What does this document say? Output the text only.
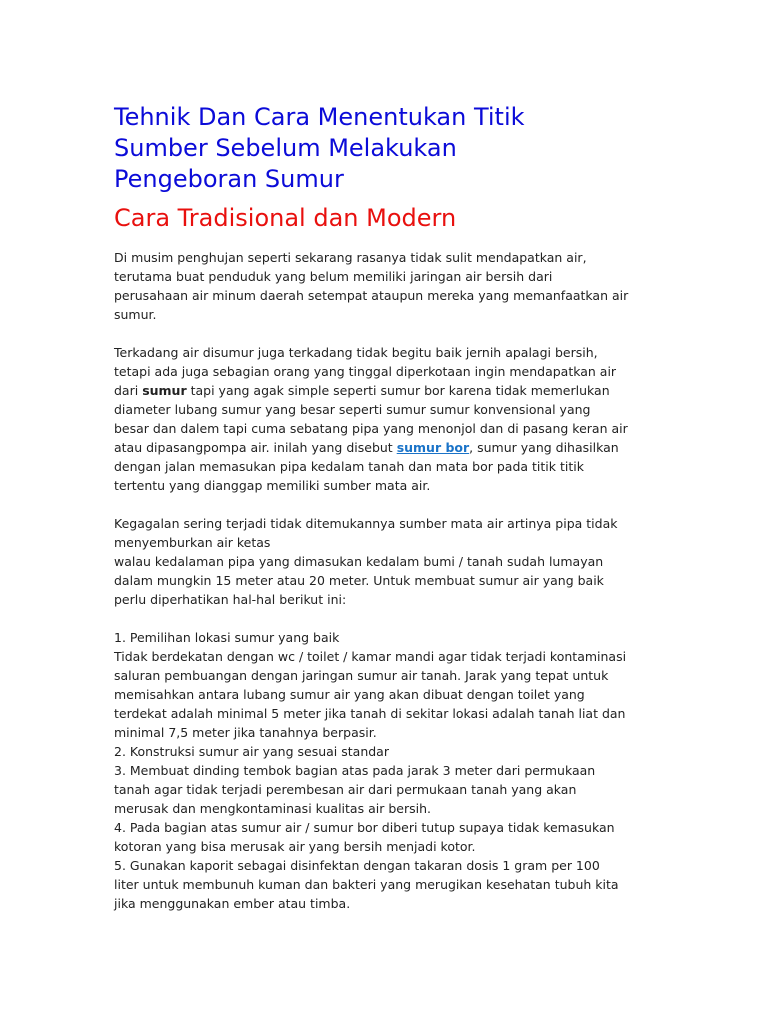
Tehnik Dan Cara Menentukan Titik
Sumber Sebelum Melakukan
Pengeboran Sumur
Cara Tradisional dan Modern

Di musim penghujan seperti sekarang rasanya tidak sulit mendapatkan air,
terutama buat penduduk yang belum memiliki jaringan air bersih dari
perusahaan air minum daerah setempat ataupun mereka yang memanfaatkan air
sumur.

Terkadang air disumur juga terkadang tidak begitu baik jernih apalagi bersih,
tetapi ada juga sebagian orang yang tinggal diperkotaan ingin mendapatkan air
dari sumur tapi yang agak simple seperti sumur bor karena tidak memerlukan
diameter lubang sumur yang besar seperti sumur sumur konvensional yang
besar dan dalem tapi cuma sebatang pipa yang menonjol dan di pasang keran air
atau dipasangpompa air. inilah yang disebut sumur bor, sumur yang dihasilkan
dengan jalan memasukan pipa kedalam tanah dan mata bor pada titik titik
tertentu yang dianggap memiliki sumber mata air.

Kegagalan sering terjadi tidak ditemukannya sumber mata air artinya pipa tidak
menyemburkan air ketas
walau kedalaman pipa yang dimasukan kedalam bumi / tanah sudah lumayan
dalam mungkin 15 meter atau 20 meter. Untuk membuat sumur air yang baik
perlu diperhatikan hal-hal berikut ini:

1. Pemilihan lokasi sumur yang baik
Tidak berdekatan dengan wc / toilet / kamar mandi agar tidak terjadi kontaminasi
saluran pembuangan dengan jaringan sumur air tanah. Jarak yang tepat untuk
memisahkan antara lubang sumur air yang akan dibuat dengan toilet yang
terdekat adalah minimal 5 meter jika tanah di sekitar lokasi adalah tanah liat dan
minimal 7,5 meter jika tanahnya berpasir.
2. Konstruksi sumur air yang sesuai standar
3. Membuat dinding tembok bagian atas pada jarak 3 meter dari permukaan
tanah agar tidak terjadi perembesan air dari permukaan tanah yang akan
merusak dan mengkontaminasi kualitas air bersih.
4. Pada bagian atas sumur air / sumur bor diberi tutup supaya tidak kemasukan
kotoran yang bisa merusak air yang bersih menjadi kotor.
5. Gunakan kaporit sebagai disinfektan dengan takaran dosis 1 gram per 100
liter untuk membunuh kuman dan bakteri yang merugikan kesehatan tubuh kita
jika menggunakan ember atau timba.
